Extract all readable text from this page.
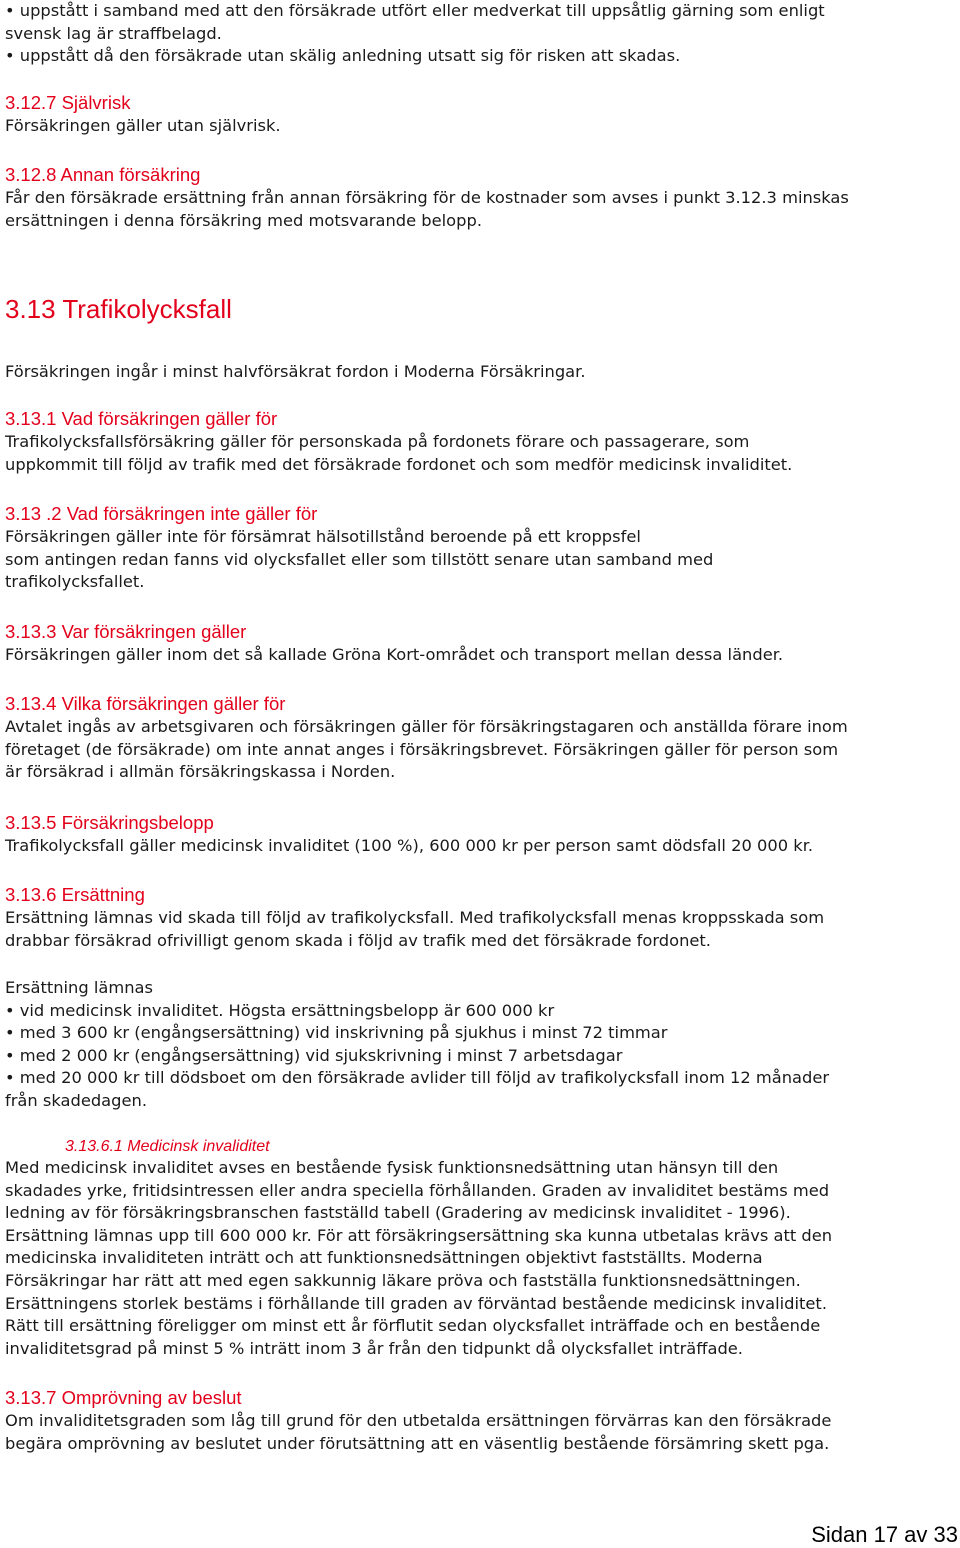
• uppstått i samband med att den försäkrade utfört eller medverkat till uppsåtlig gärning som enligt

svensk lag är straffbelagd.

• uppstått då den försäkrade utan skälig anledning utsatt sig för risken att skadas.

3.12.7 Självrisk

Försäkringen gäller utan självrisk.

3.12.8 Annan försäkring

Får den försäkrade ersättning från annan försäkring för de kostnader som avses i punkt 3.12.3 minskas

ersättningen i denna försäkring med motsvarande belopp.

3.13 Trafikolycksfall

Försäkringen ingår i minst halvförsäkrat fordon i Moderna Försäkringar.

3.13.1 Vad försäkringen gäller för

Trafikolycksfallsförsäkring gäller för personskada på fordonets förare och passagerare, som

uppkommit till följd av trafik med det försäkrade fordonet och som medför medicinsk invaliditet.

3.13 .2 Vad försäkringen inte gäller för

Försäkringen gäller inte för försämrat hälsotillstånd beroende på ett kroppsfel

som antingen redan fanns vid olycksfallet eller som tillstött senare utan samband med

trafikolycksfallet.

3.13.3 Var försäkringen gäller

Försäkringen gäller inom det så kallade Gröna Kort-området och transport mellan dessa länder.

3.13.4 Vilka försäkringen gäller för

Avtalet ingås av arbetsgivaren och försäkringen gäller för försäkringstagaren och anställda förare inom

företaget (de försäkrade) om inte annat anges i försäkringsbrevet. Försäkringen gäller för person som

är försäkrad i allmän försäkringskassa i Norden.

3.13.5 Försäkringsbelopp

Trafikolycksfall gäller medicinsk invaliditet (100 %), 600 000 kr per person samt dödsfall 20 000 kr.

3.13.6 Ersättning

Ersättning lämnas vid skada till följd av trafikolycksfall. Med trafikolycksfall menas kroppsskada som

drabbar försäkrad ofrivilligt genom skada i följd av trafik med det försäkrade fordonet.

Ersättning lämnas

• vid medicinsk invaliditet. Högsta ersättningsbelopp är 600 000 kr

• med 3 600 kr (engångsersättning) vid inskrivning på sjukhus i minst 72 timmar

• med 2 000 kr (engångsersättning) vid sjukskrivning i minst 7 arbetsdagar

• med 20 000 kr till dödsboet om den försäkrade avlider till följd av trafikolycksfall inom 12 månader

från skadedagen.

3.13.6.1 Medicinsk invaliditet

Med medicinsk invaliditet avses en bestående fysisk funktionsnedsättning utan hänsyn till den

skadades yrke, fritidsintressen eller andra speciella förhållanden. Graden av invaliditet bestäms med

ledning av för försäkringsbranschen fastställd tabell (Gradering av medicinsk invaliditet - 1996).

Ersättning lämnas upp till 600 000 kr. För att försäkringsersättning ska kunna utbetalas krävs att den

medicinska invaliditeten inträtt och att funktionsnedsättningen objektivt fastställts. Moderna

Försäkringar har rätt att med egen sakkunnig läkare pröva och fastställa funktionsnedsättningen.

Ersättningens storlek bestäms i förhållande till graden av förväntad bestående medicinsk invaliditet.

Rätt till ersättning föreligger om minst ett år förflutit sedan olycksfallet inträffade och en bestående

invaliditetsgrad på minst 5 % inträtt inom 3 år från den tidpunkt då olycksfallet inträffade.

3.13.7 Omprövning av beslut

Om invaliditetsgraden som låg till grund för den utbetalda ersättningen förvärras kan den försäkrade

begära omprövning av beslutet under förutsättning att en väsentlig bestående försämring skett pga.

Sidan 17 av 33
